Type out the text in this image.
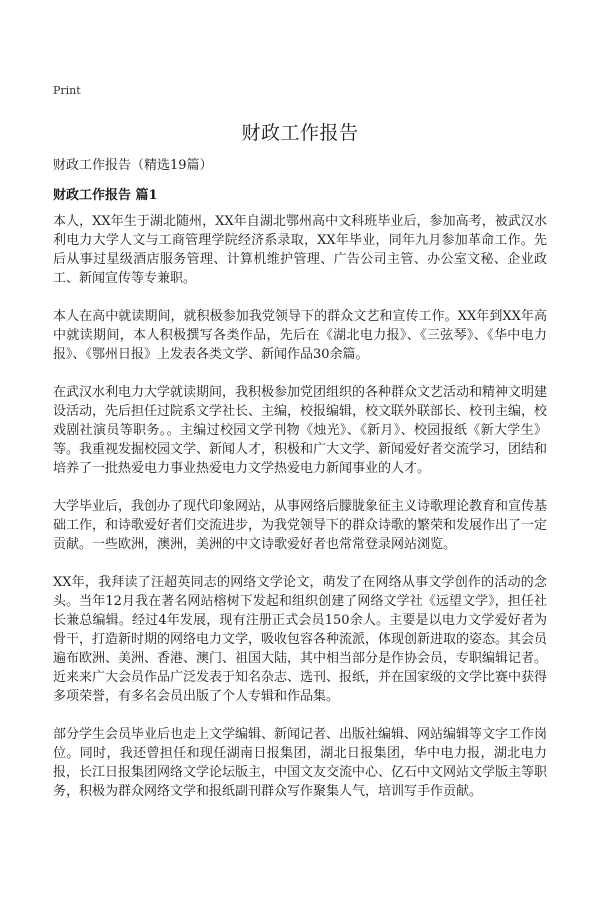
Print
财政工作报告
财政工作报告（精选19篇）
财政工作报告 篇1

本人，XX年生于湖北随州，XX年自湖北鄂州高中文科班毕业后，参加高考，被武汉水利电力大学人文与工商管理学院经济系录取，XX年毕业，同年九月参加革命工作。先后从事过星级酒店服务管理、计算机维护管理、广告公司主管、办公室文秘、企业政工、新闻宣传等专兼职。

本人在高中就读期间，就积极参加我党领导下的群众文艺和宣传工作。XX年到XX年高中就读期间，本人积极撰写各类作品，先后在《湖北电力报》、《三弦琴》、《华中电力报》、《鄂州日报》上发表各类文学、新闻作品30余篇。

在武汉水利电力大学就读期间，我积极参加党团组织的各种群众文艺活动和精神文明建设活动，先后担任过院系文学社长、主编，校报编辑，校文联外联部长、校刊主编，校戏剧社演员等职务。。主编过校园文学刊物《烛光》、《新月》、校园报纸《新大学生》等。我重视发掘校园文学、新闻人才，积极和广大文学、新闻爱好者交流学习，团结和培养了一批热爱电力事业热爱电力文学热爱电力新闻事业的人才。

大学毕业后，我创办了现代印象网站，从事网络后朦胧象征主义诗歌理论教育和宣传基础工作，和诗歌爱好者们交流进步，为我党领导下的群众诗歌的繁荣和发展作出了一定贡献。一些欧洲，澳洲，美洲的中文诗歌爱好者也常常登录网站浏览。

XX年，我拜读了汪超英同志的网络文学论文，萌发了在网络从事文学创作的活动的念头。当年12月我在著名网站榕树下发起和组织创建了网络文学社《远望文学》，担任社长兼总编辑。经过4年发展，现有注册正式会员150余人。主要是以电力文学爱好者为骨干，打造新时期的网络电力文学，吸收包容各种流派，体现创新进取的姿态。其会员遍布欧洲、美洲、香港、澳门、祖国大陆，其中相当部分是作协会员，专职编辑记者。近来来广大会员作品广泛发表于知名杂志、选刊、报纸，并在国家级的文学比赛中获得多项荣誉，有多名会员出版了个人专辑和作品集。

部分学生会员毕业后也走上文学编辑、新闻记者、出版社编辑、网站编辑等文字工作岗位。同时，我还曾担任和现任湖南日报集团，湖北日报集团，华中电力报，湖北电力报，长江日报集团网络文学论坛版主，中国文友交流中心、亿石中文网站文学版主等职务，积极为群众网络文学和报纸副刊群众写作聚集人气，培训写手作贡献。
